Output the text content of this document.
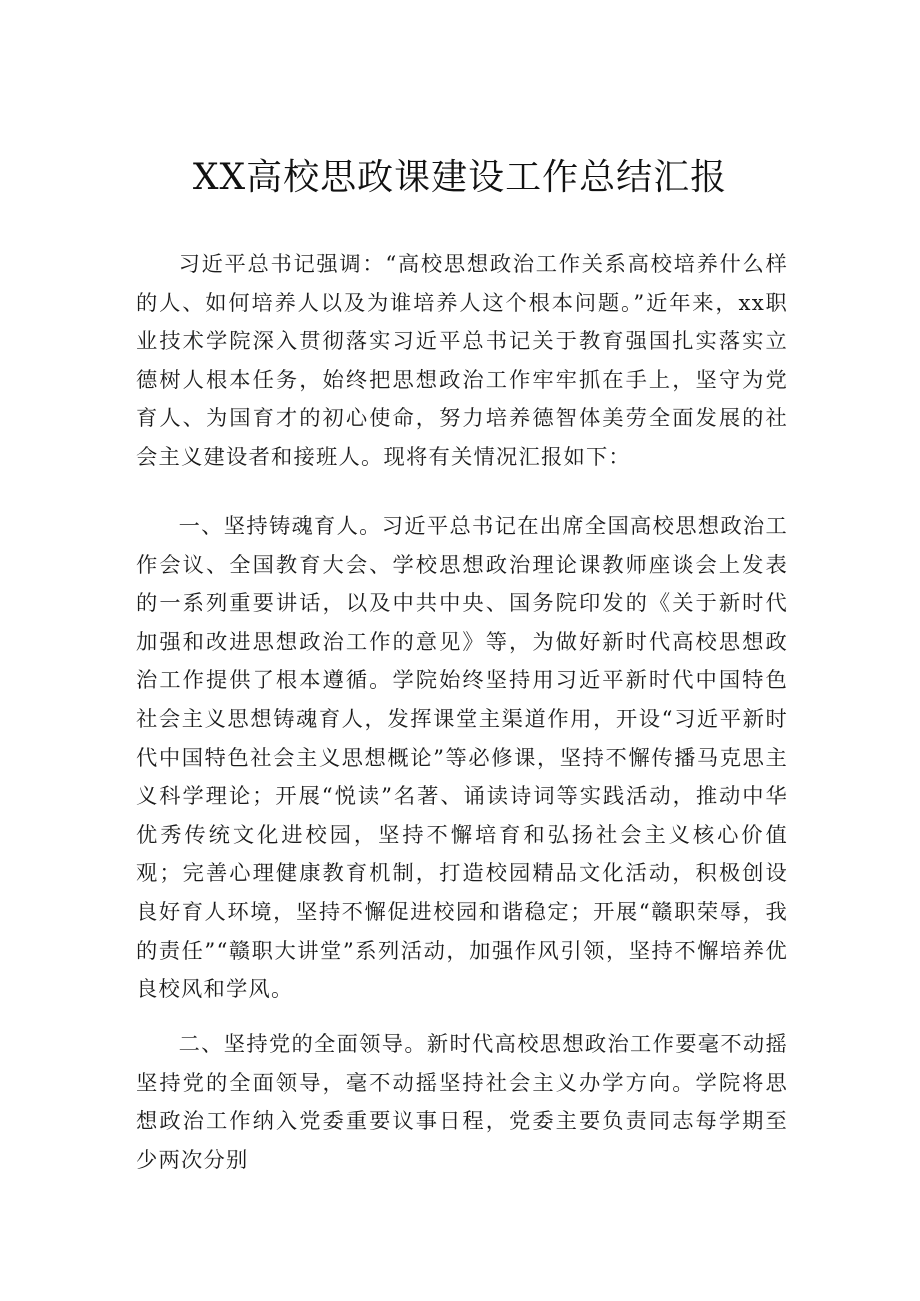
XX高校思政课建设工作总结汇报

习近平总书记强调：“高校思想政治工作关系高校培养什么样的人、如何培养人以及为谁培养人这个根本问题。”近年来，xx职业技术学院深入贯彻落实习近平总书记关于教育强国扎实落实立德树人根本任务，始终把思想政治工作牢牢抓在手上，坚守为党育人、为国育才的初心使命，努力培养德智体美劳全面发展的社会主义建设者和接班人。现将有关情况汇报如下：

一、坚持铸魂育人。习近平总书记在出席全国高校思想政治工作会议、全国教育大会、学校思想政治理论课教师座谈会上发表的一系列重要讲话，以及中共中央、国务院印发的《关于新时代加强和改进思想政治工作的意见》等，为做好新时代高校思想政治工作提供了根本遵循。学院始终坚持用习近平新时代中国特色社会主义思想铸魂育人，发挥课堂主渠道作用，开设“习近平新时代中国特色社会主义思想概论”等必修课，坚持不懈传播马克思主义科学理论；开展“悦读”名著、诵读诗词等实践活动，推动中华优秀传统文化进校园，坚持不懈培育和弘扬社会主义核心价值观；完善心理健康教育机制，打造校园精品文化活动，积极创设良好育人环境，坚持不懈促进校园和谐稳定；开展“赣职荣辱，我的责任”“赣职大讲堂”系列活动，加强作风引领，坚持不懈培养优良校风和学风。

二、坚持党的全面领导。新时代高校思想政治工作要毫不动摇坚持党的全面领导，毫不动摇坚持社会主义办学方向。学院将思想政治工作纳入党委重要议事日程，党委主要负责同志每学期至少两次分别
